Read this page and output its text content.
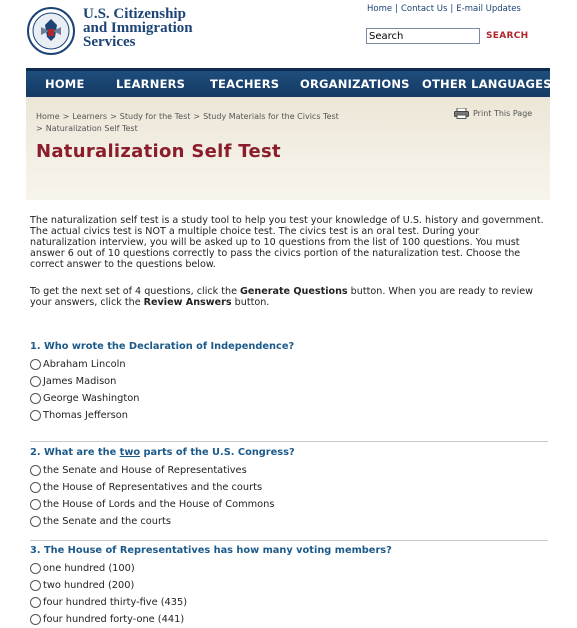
U.S. Citizenship
and Immigration
Services
Home | Contact Us | E-mail Updates
Search
SEARCH
HOME	LEARNERS TEACHERS ORGANIZATIONS OTHER LANGUAGES
Home > Learners > Study for the Test > Study Materials for the Civics Test
> Naturalization Self Test
Print This Page
Naturalization Self Test
The naturalization self test is a study tool to help you test your knowledge of U.S. history and government. The actual civics test is NOT a multiple choice test. The civics test is an oral test. During your naturalization interview, you will be asked up to 10 questions from the list of 100 questions. You must answer 6 out of 10 questions correctly to pass the civics portion of the naturalization test. Choose the correct answer to the questions below.
To get the next set of 4 questions, click the Generate Questions button. When you are ready to review your answers, click the Review Answers button.
1. Who wrote the Declaration of Independence?
Abraham Lincoln
James Madison
George Washington
Thomas Jefferson
2. What are the two parts of the U.S. Congress?
the Senate and House of Representatives
the House of Representatives and the courts
the House of Lords and the House of Commons
the Senate and the courts
3. The House of Representatives has how many voting members?
one hundred (100)
two hundred (200)
four hundred thirty-five (435)
four hundred forty-one (441)
